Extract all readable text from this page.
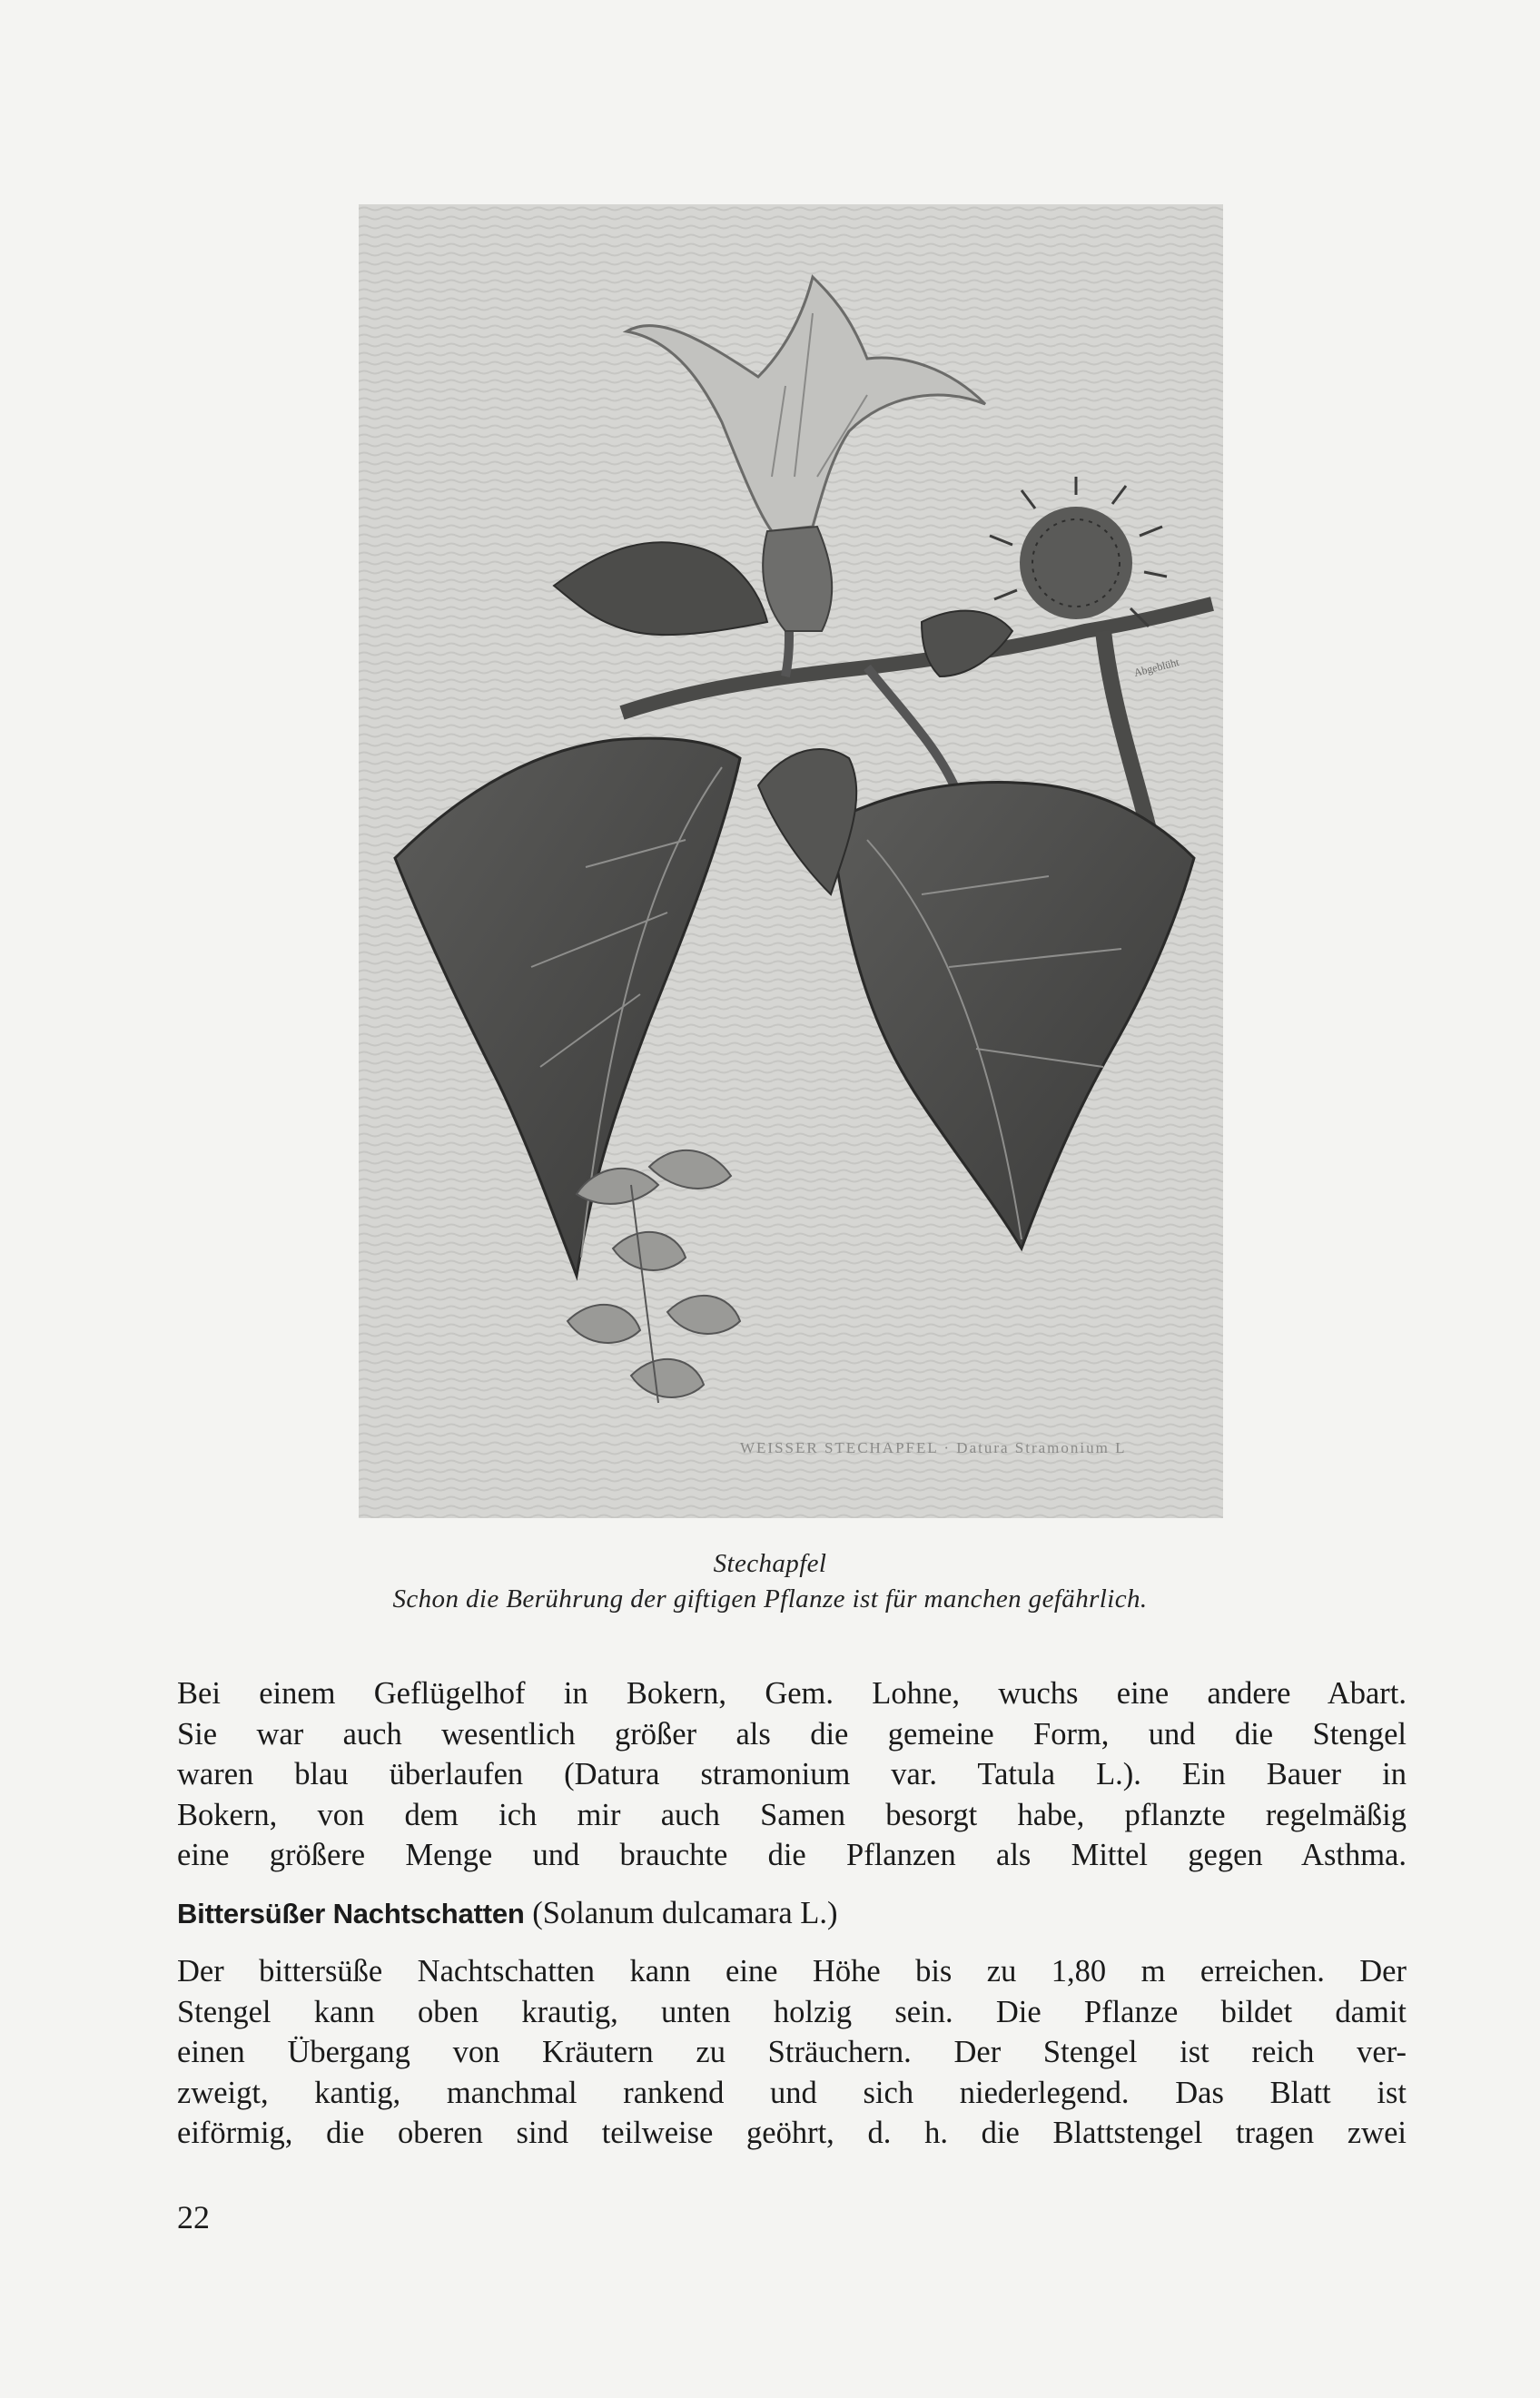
WEISSER STECHAPFEL · Datura Stramonium L
Abgeblüht
Stechapfel
Schon die Berührung der giftigen Pflanze ist für manchen gefährlich.
Bei einem Geflügelhof in Bokern, Gem. Lohne, wuchs eine andere Abart.
Sie war auch wesentlich größer als die gemeine Form, und die Stengel
waren blau überlaufen (Datura stramonium var. Tatula L.). Ein Bauer in
Bokern, von dem ich mir auch Samen besorgt habe, pflanzte regelmäßig
eine größere Menge und brauchte die Pflanzen als Mittel gegen Asthma.
Bittersüßer Nachtschatten (Solanum dulcamara L.)
Der bittersüße Nachtschatten kann eine Höhe bis zu 1,80 m erreichen. Der
Stengel kann oben krautig, unten holzig sein. Die Pflanze bildet damit
einen Übergang von Kräutern zu Sträuchern. Der Stengel ist reich ver-
zweigt, kantig, manchmal rankend und sich niederlegend. Das Blatt ist
eiförmig, die oberen sind teilweise geöhrt, d. h. die Blattstengel tragen zwei
22
